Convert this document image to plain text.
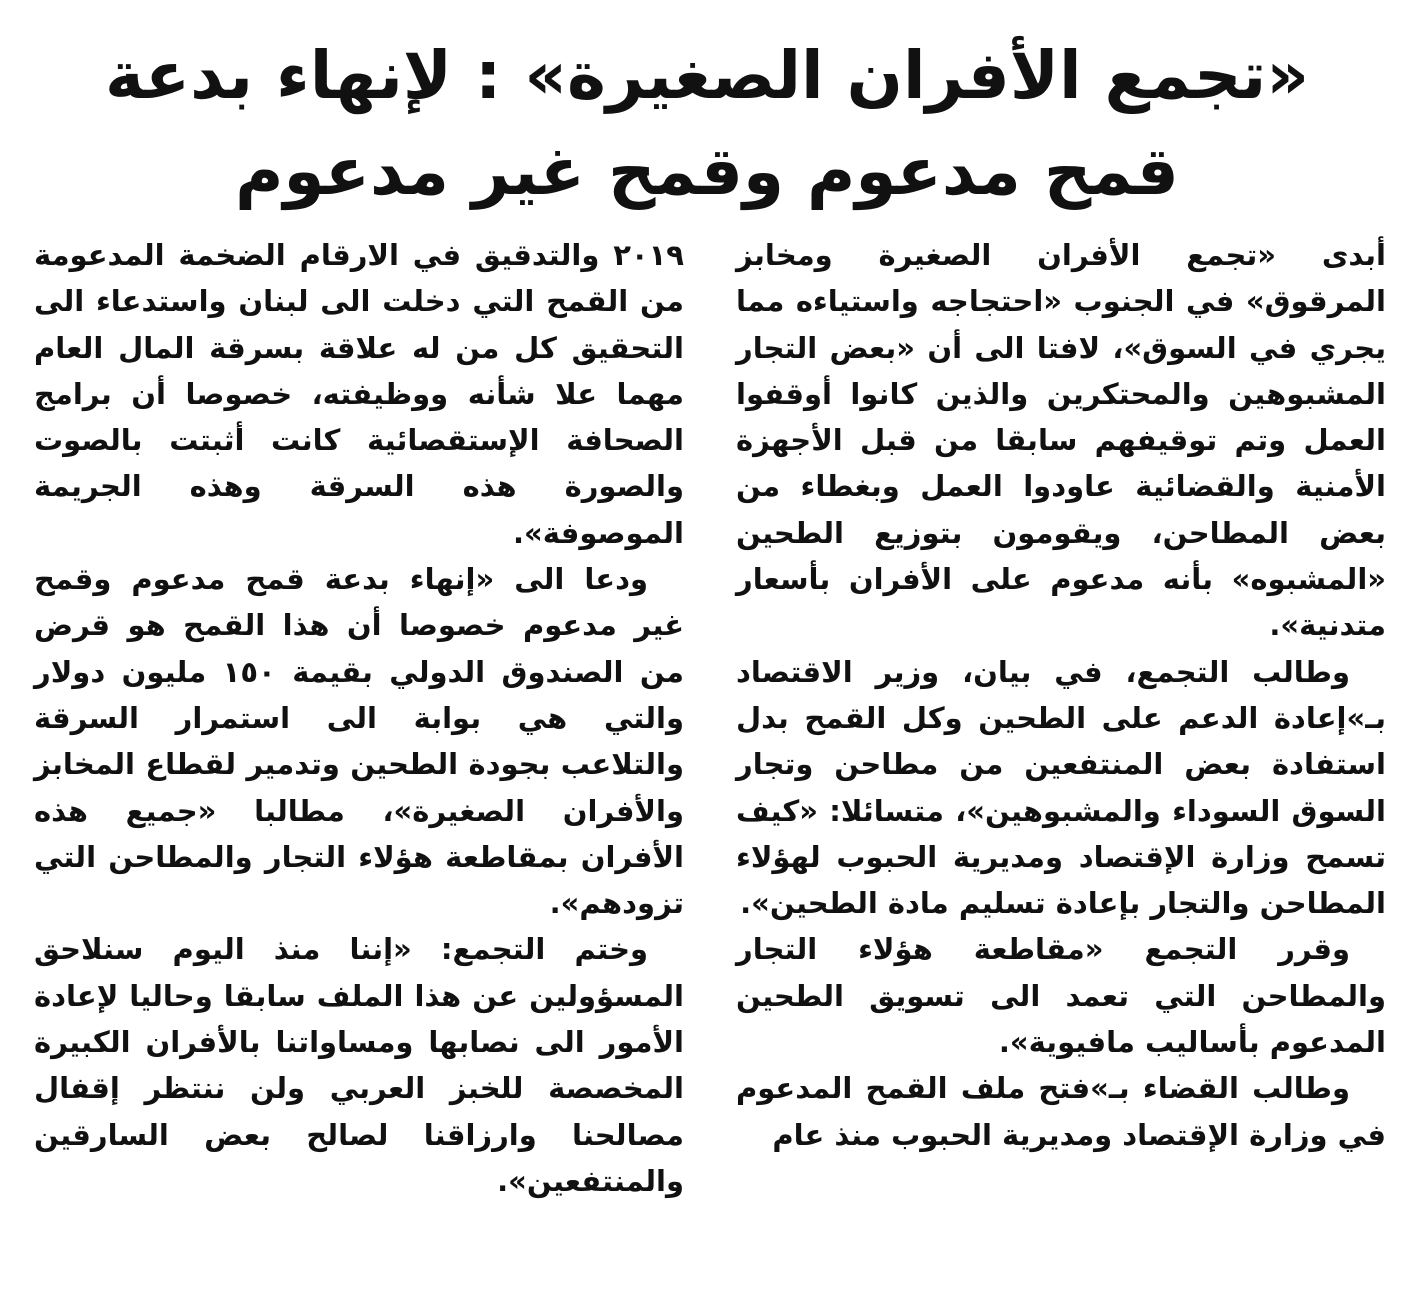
«تجمع الأفران الصغيرة» : لإنهاء بدعة
قمح مدعوم وقمح غير مدعوم

أبدى «تجمع الأفران الصغيرة ومخابز المرقوق» في الجنوب «احتجاجه واستياءه مما يجري في السوق»، لافتا الى أن «بعض التجار المشبوهين والمحتكرين والذين كانوا أوقفوا العمل وتم توقيفهم سابقا من قبل الأجهزة الأمنية والقضائية عاودوا العمل وبغطاء من بعض المطاحن، ويقومون بتوزيع الطحين «المشبوه» بأنه مدعوم على الأفران بأسعار متدنية».

وطالب التجمع، في بيان، وزير الاقتصاد بـ»إعادة الدعم على الطحين وكل القمح بدل استفادة بعض المنتفعين من مطاحن وتجار السوق السوداء والمشبوهين»، متسائلا: «كيف تسمح وزارة الإقتصاد ومديرية الحبوب لهؤلاء المطاحن والتجار بإعادة تسليم مادة الطحين».

وقرر التجمع «مقاطعة هؤلاء التجار والمطاحن التي تعمد الى تسويق الطحين المدعوم بأساليب مافيوية».

وطالب القضاء بـ»فتح ملف القمح المدعوم في وزارة الإقتصاد ومديرية الحبوب منذ عام

٢٠١٩ والتدقيق في الارقام الضخمة المدعومة من القمح التي دخلت الى لبنان واستدعاء الى التحقيق كل من له علاقة بسرقة المال العام مهما علا شأنه ووظيفته، خصوصا أن برامج الصحافة الإستقصائية كانت أثبتت بالصوت والصورة هذه السرقة وهذه الجريمة الموصوفة».

ودعا الى «إنهاء بدعة قمح مدعوم وقمح غير مدعوم خصوصا أن هذا القمح هو قرض من الصندوق الدولي بقيمة ١٥٠ مليون دولار والتي هي بوابة الى استمرار السرقة والتلاعب بجودة الطحين وتدمير لقطاع المخابز والأفران الصغيرة»، مطالبا «جميع هذه الأفران بمقاطعة هؤلاء التجار والمطاحن التي تزودهم».

وختم التجمع: «إننا منذ اليوم سنلاحق المسؤولين عن هذا الملف سابقا وحاليا لإعادة الأمور الى نصابها ومساواتنا بالأفران الكبيرة المخصصة للخبز العربي ولن ننتظر إقفال مصالحنا وارزاقنا لصالح بعض السارقين والمنتفعين».
